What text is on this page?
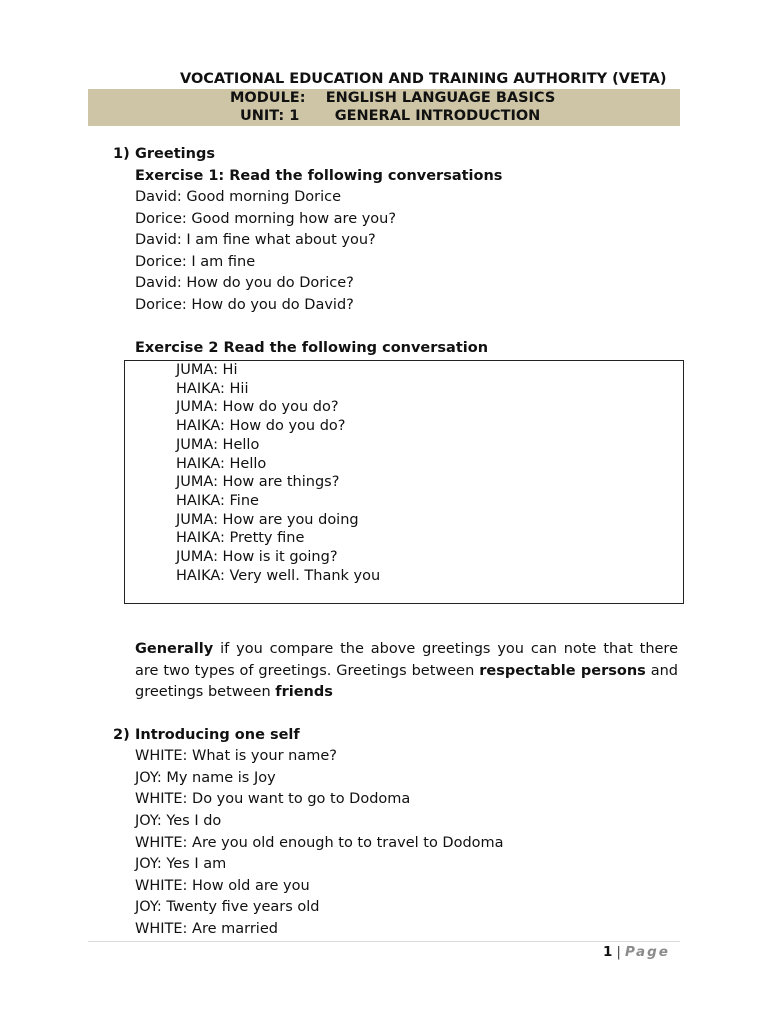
VOCATIONAL EDUCATION AND TRAINING AUTHORITY (VETA)
MODULE: ENGLISH LANGUAGE BASICS
UNIT: 1 GENERAL INTRODUCTION
1) Greetings
Exercise 1: Read the following conversations
David: Good morning Dorice
Dorice: Good morning how are you?
David: I am fine what about you?
Dorice: I am fine
David: How do you do Dorice?
Dorice: How do you do David?
Exercise 2 Read the following conversation
JUMA: Hi
HAIKA: Hii
JUMA: How do you do?
HAIKA: How do you do?
JUMA: Hello
HAIKA: Hello
JUMA: How are things?
HAIKA: Fine
JUMA: How are you doing
HAIKA: Pretty fine
JUMA: How is it going?
HAIKA: Very well. Thank you
Generally if you compare the above greetings you can note that there are two types of greetings. Greetings between respectable persons and greetings between friends
2) Introducing one self
WHITE: What is your name?
JOY: My name is Joy
WHITE: Do you want to go to Dodoma
JOY: Yes I do
WHITE: Are you old enough to to travel to Dodoma
JOY: Yes I am
WHITE: How old are you
JOY: Twenty five years old
WHITE: Are married
1 | Page
